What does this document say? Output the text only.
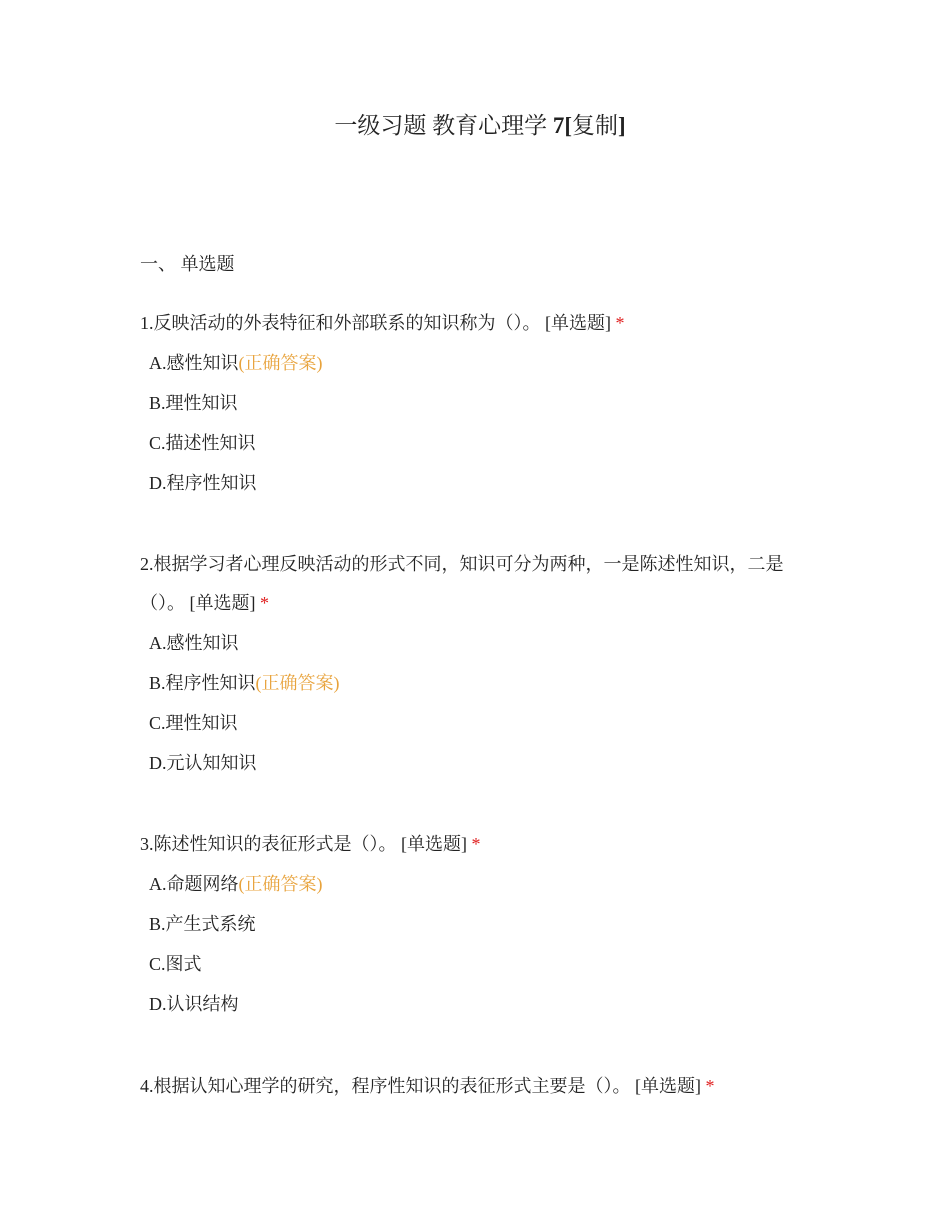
一级习题 教育心理学 7[复制]
一、 单选题
1.反映活动的外表特征和外部联系的知识称为（）。 [单选题] *
A.感性知识(正确答案)
B.理性知识
C.描述性知识
D.程序性知识
2.根据学习者心理反映活动的形式不同，知识可分为两种，一是陈述性知识，二是（）。 [单选题] *
A.感性知识
B.程序性知识(正确答案)
C.理性知识
D.元认知知识
3.陈述性知识的表征形式是（）。 [单选题] *
A.命题网络(正确答案)
B.产生式系统
C.图式
D.认识结构
4.根据认知心理学的研究，程序性知识的表征形式主要是（）。 [单选题] *
